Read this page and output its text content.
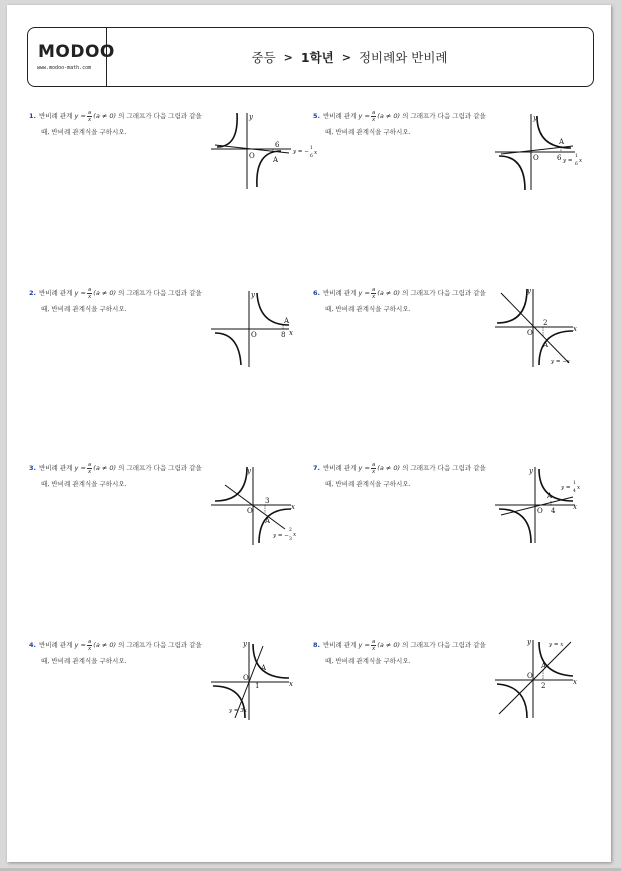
MODOO
www.modoo-math.com
중등 > 1학년 > 정비례와 반비례
1. 반비례 관계 $y = \frac{a}{x} (a \ne 0)$ 의 그래프가 다음 그림과 같을
때, 반비례 관계식을 구하시오.
2. 반비례 관계 $y = \frac{a}{x} (a \ne 0)$ 의 그래프가 다음 그림과 같을
때, 반비례 관계식을 구하시오.
3. 반비례 관계 $y = \frac{a}{x} (a \ne 0)$ 의 그래프가 다음 그림과 같을
때, 반비례 관계식을 구하시오.
4. 반비례 관계 $y = \frac{a}{x} (a \ne 0)$ 의 그래프가 다음 그림과 같을
때, 반비례 관계식을 구하시오.
5. 반비례 관계 $y = \frac{a}{x} (a \ne 0)$ 의 그래프가 다음 그림과 같을
때, 반비례 관계식을 구하시오.
6. 반비례 관계 $y = \frac{a}{x} (a \ne 0)$ 의 그래프가 다음 그림과 같을
때, 반비례 관계식을 구하시오.
7. 반비례 관계 $y = \frac{a}{x} (a \ne 0)$ 의 그래프가 다음 그림과 같을
때, 반비례 관계식을 구하시오.
8. 반비례 관계 $y = \frac{a}{x} (a \ne 0)$ 의 그래프가 다음 그림과 같을
때, 반비례 관계식을 구하시오.
y
O
6
A
y = −
1
6
x
y
O	8
A
x
y
O
3
A
x
y = −
2
3
x
y
O
1
A
x
y = 3x
y
O	6
A
y =
1
6
x
y
O
2
A
x
y = −x
y
O 4
A
x
y =
1
4
x
y
O
2
A
x
y = x
